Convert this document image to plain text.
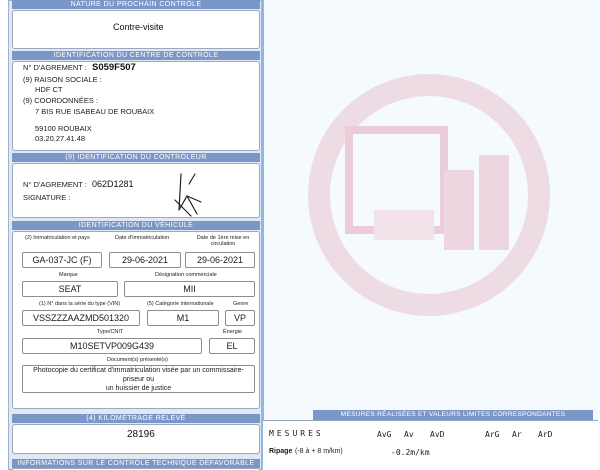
NATURE DU PROCHAIN CONTRÔLE
Contre-visite
IDENTIFICATION DU CENTRE DE CONTRÔLE
N° D'AGREMENT : S059F507
(9) RAISON SOCIALE :
HDF CT
(9) COORDONNÉES :
7 BIS RUE ISABEAU DE ROUBAIX
59100 ROUBAIX
03.20.27.41.48
(9) IDENTIFICATION DU CONTRÔLEUR
N° D'AGREMENT : 062D1281
SIGNATURE :
IDENTIFICATION DU VÉHICULE
(2) Immatriculation et pays	Date d'immatriculation	Date de 1ère mise en circulation
GA-037-JC (F)	29-06-2021	29-06-2021
Marque	Désignation commerciale
SEAT	MII
(1) N° dans la série du type (VIN)	(5) Catégorie internationale	Genre
VSSZZZAAZMD501320	M1	VP
Type/CNIT	Énergie
M10SETVP009G439	EL
Document(s) présenté(s)
Photocopie du certificat d'immatriculation visée par un commissaire-priseur ou
un huissier de justice
(4) KILOMÉTRAGE RELEVÉ
28196
INFORMATIONS SUR LE CONTRÔLE TECHNIQUE DÉFAVORABLE
MESURES RÉALISÉES ET VALEURS LIMITES CORRESPONDANTES
MESURES	AvG Av AvD	ArG Ar ArD
Ripage (-8 à + 8 m/km)	-0.2m/km
